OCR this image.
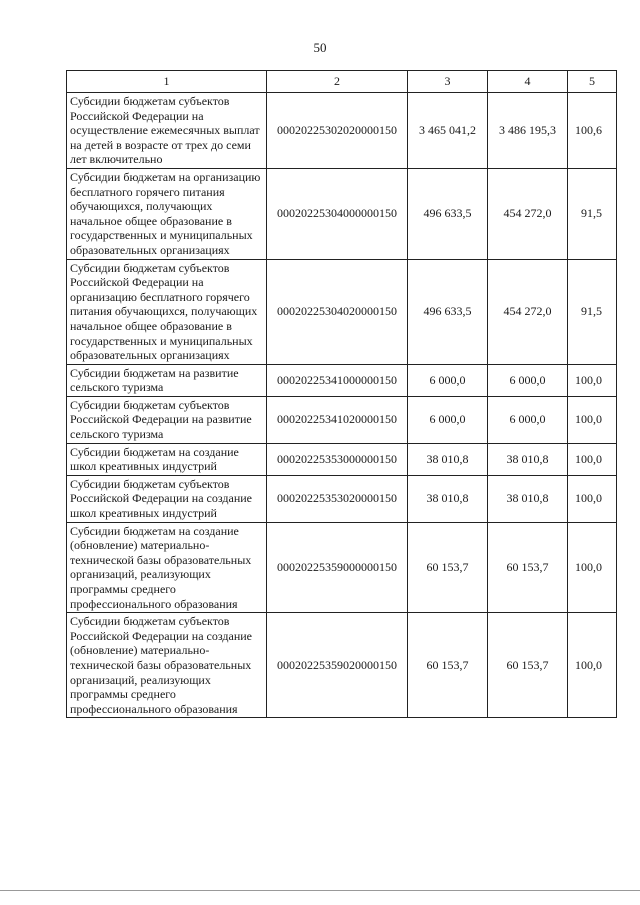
50
1	2	3	4	5
Субсидии бюджетам субъектов Российской Федерации на осуществление ежемесячных выплат на детей в возрасте от трех до семи лет включительно	00020225302020000150	3 465 041,2	3 486 195,3	100,6
Субсидии бюджетам на организацию бесплатного горячего питания обучающихся, получающих начальное общее образование в государственных и муниципальных образовательных организациях	00020225304000000150	496 633,5	454 272,0	91,5
Субсидии бюджетам субъектов Российской Федерации на организацию бесплатного горячего питания обучающихся, получающих начальное общее образование в государственных и муниципальных образовательных организациях	00020225304020000150	496 633,5	454 272,0	91,5
Субсидии бюджетам на развитие сельского туризма	00020225341000000150	6 000,0	6 000,0	100,0
Субсидии бюджетам субъектов Российской Федерации на развитие сельского туризма	00020225341020000150	6 000,0	6 000,0	100,0
Субсидии бюджетам на создание школ креативных индустрий	00020225353000000150	38 010,8	38 010,8	100,0
Субсидии бюджетам субъектов Российской Федерации на создание школ креативных индустрий	00020225353020000150	38 010,8	38 010,8	100,0
Субсидии бюджетам на создание (обновление) материально-технической базы образовательных организаций, реализующих программы среднего профессионального образования	00020225359000000150	60 153,7	60 153,7	100,0
Субсидии бюджетам субъектов Российской Федерации на создание (обновление) материально-технической базы образовательных организаций, реализующих программы среднего профессионального образования	00020225359020000150	60 153,7	60 153,7	100,0
